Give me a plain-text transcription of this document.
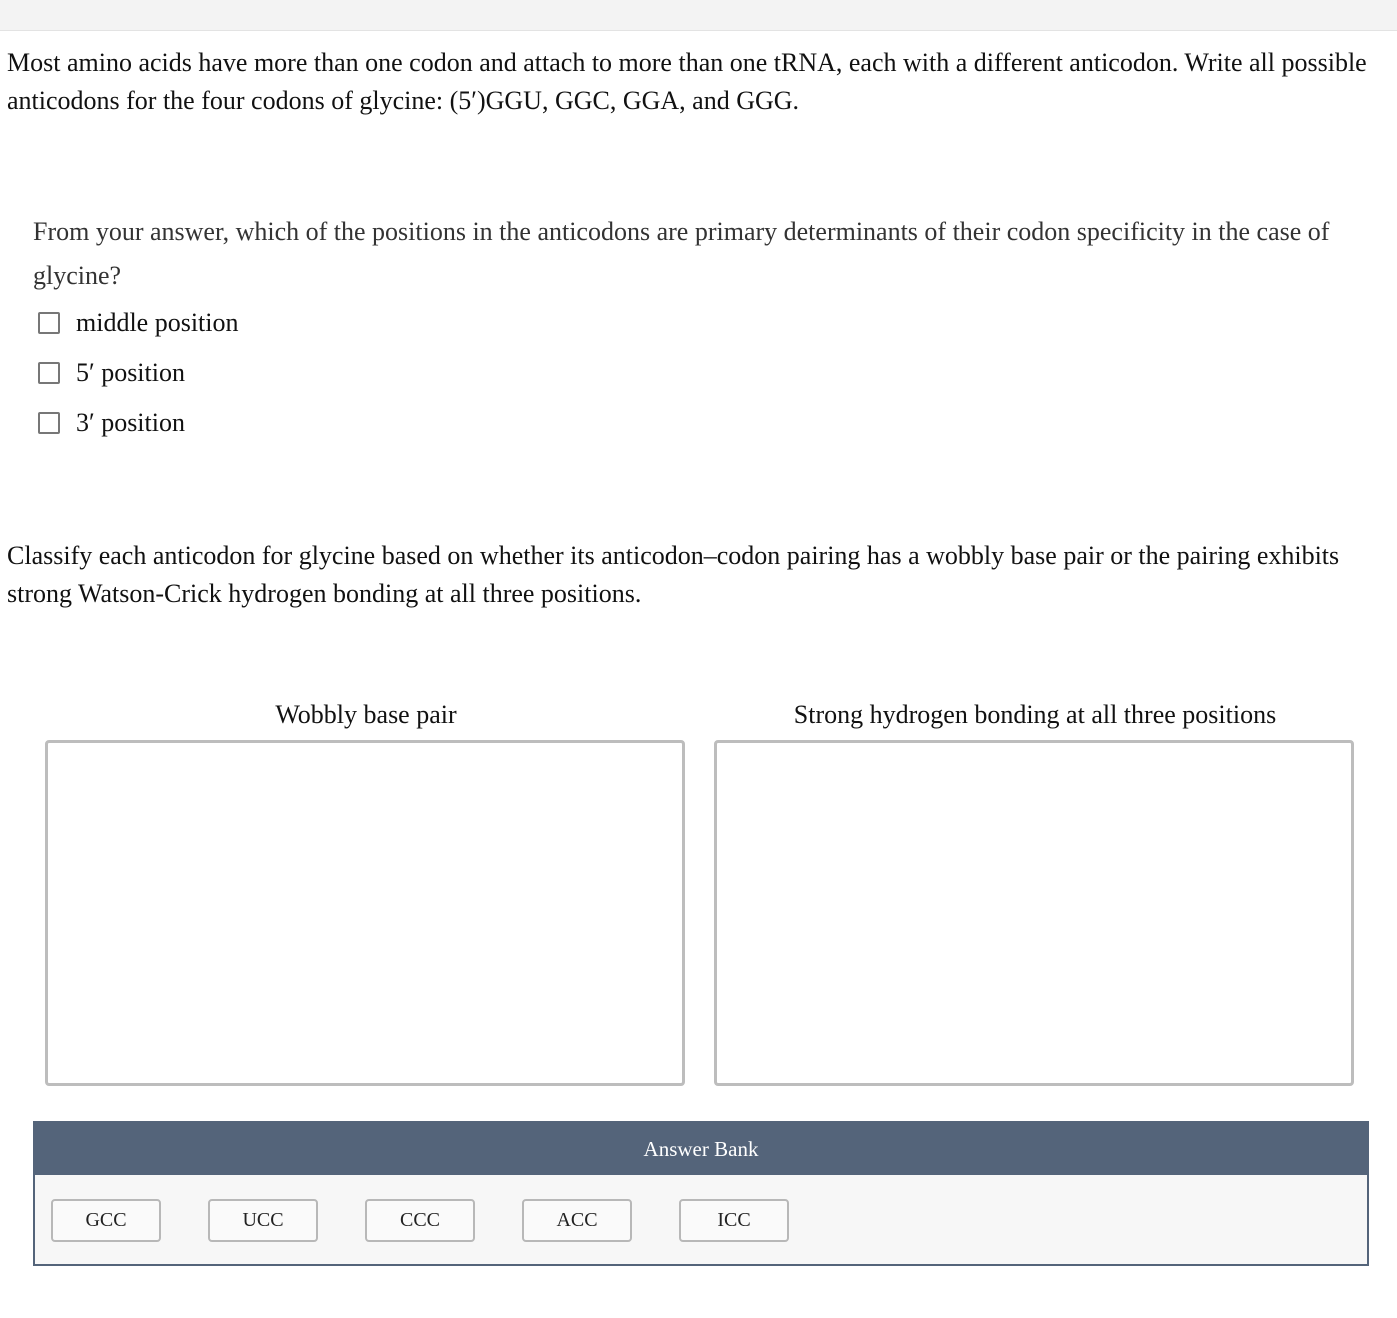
Most amino acids have more than one codon and attach to more than one tRNA, each with a different anticodon. Write all possible anticodons for the four codons of glycine: (5′)GGU, GGC, GGA, and GGG.

From your answer, which of the positions in the anticodons are primary determinants of their codon specificity in the case of glycine?

middle position
5′ position
3′ position

Classify each anticodon for glycine based on whether its anticodon–codon pairing has a wobbly base pair or the pairing exhibits strong Watson-Crick hydrogen bonding at all three positions.

Wobbly base pair	Strong hydrogen bonding at all three positions
Answer Bank
GCC	UCC	CCC	ACC	ICC
